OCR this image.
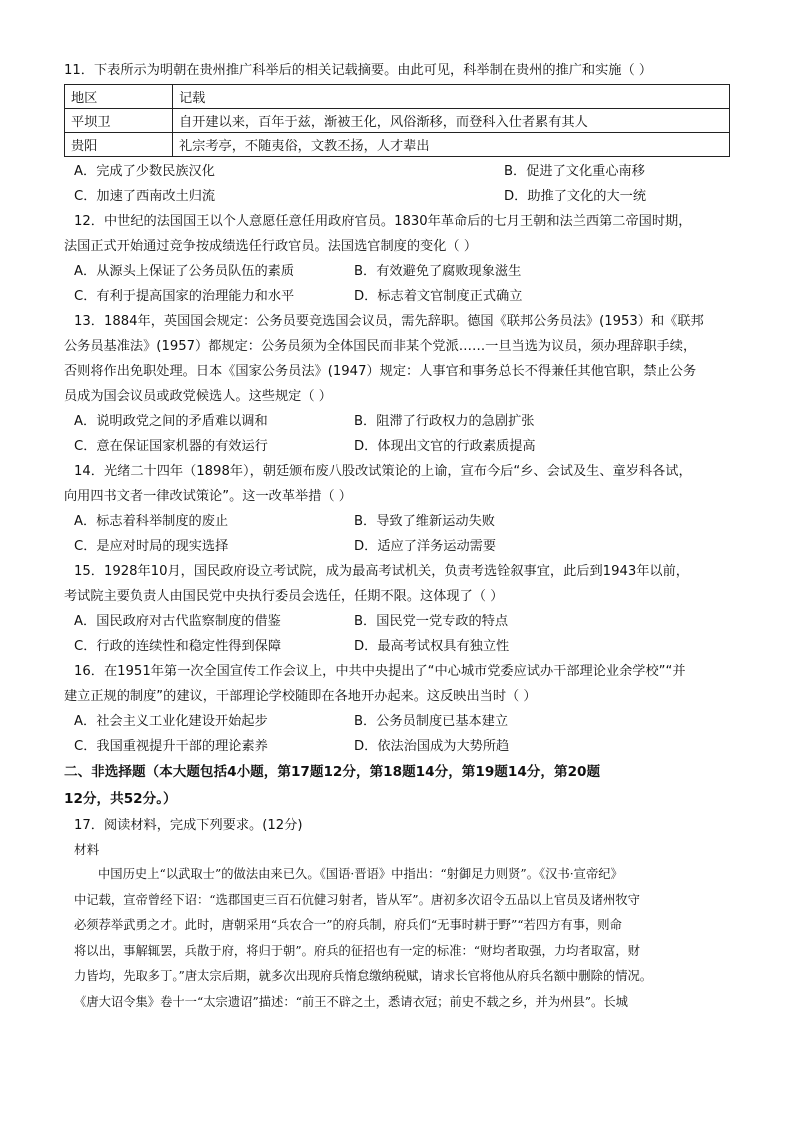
11．下表所示为明朝在贵州推广科举后的相关记载摘要。由此可见，科举制在贵州的推广和实施（ ）
地区	记载
平坝卫	自开建以来，百年于兹，渐被王化，风俗渐移，而登科入仕者累有其人
贵阳	礼宗考亭，不随夷俗，文教丕扬，人才辈出
A．完成了少数民族汉化	B．促进了文化重心南移
C．加速了西南改土归流	D．助推了文化的大一统
12．中世纪的法国国王以个人意愿任意任用政府官员。1830年革命后的七月王朝和法兰西第二帝国时期，
法国正式开始通过竞争按成绩选任行政官员。法国选官制度的变化（ ）
A．从源头上保证了公务员队伍的素质	B．有效避免了腐败现象滋生
C．有利于提高国家的治理能力和水平	D．标志着文官制度正式确立
13．1884年，英国国会规定：公务员要竞选国会议员，需先辞职。德国《联邦公务员法》(1953）和《联邦
公务员基准法》(1957）都规定：公务员须为全体国民而非某个党派……一旦当选为议员，须办理辞职手续，
否则将作出免职处理。日本《国家公务员法》(1947）规定：人事官和事务总长不得兼任其他官职，禁止公务
员成为国会议员或政党候选人。这些规定（ ）
A．说明政党之间的矛盾难以调和	B．阻滞了行政权力的急剧扩张
C．意在保证国家机器的有效运行	D．体现出文官的行政素质提高
14．光绪二十四年（1898年），朝廷颁布废八股改试策论的上谕，宣布今后“乡、会试及生、童岁科各试，
向用四书文者一律改试策论”。这一改革举措（ ）
A．标志着科举制度的废止	B．导致了维新运动失败
C．是应对时局的现实选择	D．适应了洋务运动需要
15．1928年10月，国民政府设立考试院，成为最高考试机关，负责考选铨叙事宜，此后到1943年以前，
考试院主要负责人由国民党中央执行委员会选任，任期不限。这体现了（ ）
A．国民政府对古代监察制度的借鉴	B．国民党一党专政的特点
C．行政的连续性和稳定性得到保障	D．最高考试权具有独立性
16．在1951年第一次全国宣传工作会议上，中共中央提出了“中心城市党委应试办干部理论业余学校”“并
建立正规的制度”的建议，干部理论学校随即在各地开办起来。这反映出当时（ ）
A．社会主义工业化建设开始起步	B．公务员制度已基本建立
C．我国重视提升干部的理论素养	D．依法治国成为大势所趋
二、非选择题（本大题包括4小题，第17题12分，第18题14分，第19题14分，第20题
12分，共52分。）
17．阅读材料，完成下列要求。(12分)
材料
中国历史上“以武取士”的做法由来已久。《国语·晋语》中指出：“射御足力则贤”。《汉书·宣帝纪》
中记载，宣帝曾经下诏：“选郡国吏三百石伉健习射者，皆从军”。唐初多次诏令五品以上官员及诸州牧守
必须荐举武勇之才。此时，唐朝采用“兵农合一”的府兵制，府兵们“无事时耕于野”“若四方有事，则命
将以出，事解辄罢，兵散于府，将归于朝”。府兵的征招也有一定的标准：“财均者取强，力均者取富，财
力皆均，先取多丁。”唐太宗后期，就多次出现府兵惰怠缴纳税赋，请求长官将他从府兵名额中删除的情况。
《唐大诏令集》卷十一“太宗遗诏”描述：“前王不辟之土，悉请衣冠；前史不载之乡，并为州县”。长城
